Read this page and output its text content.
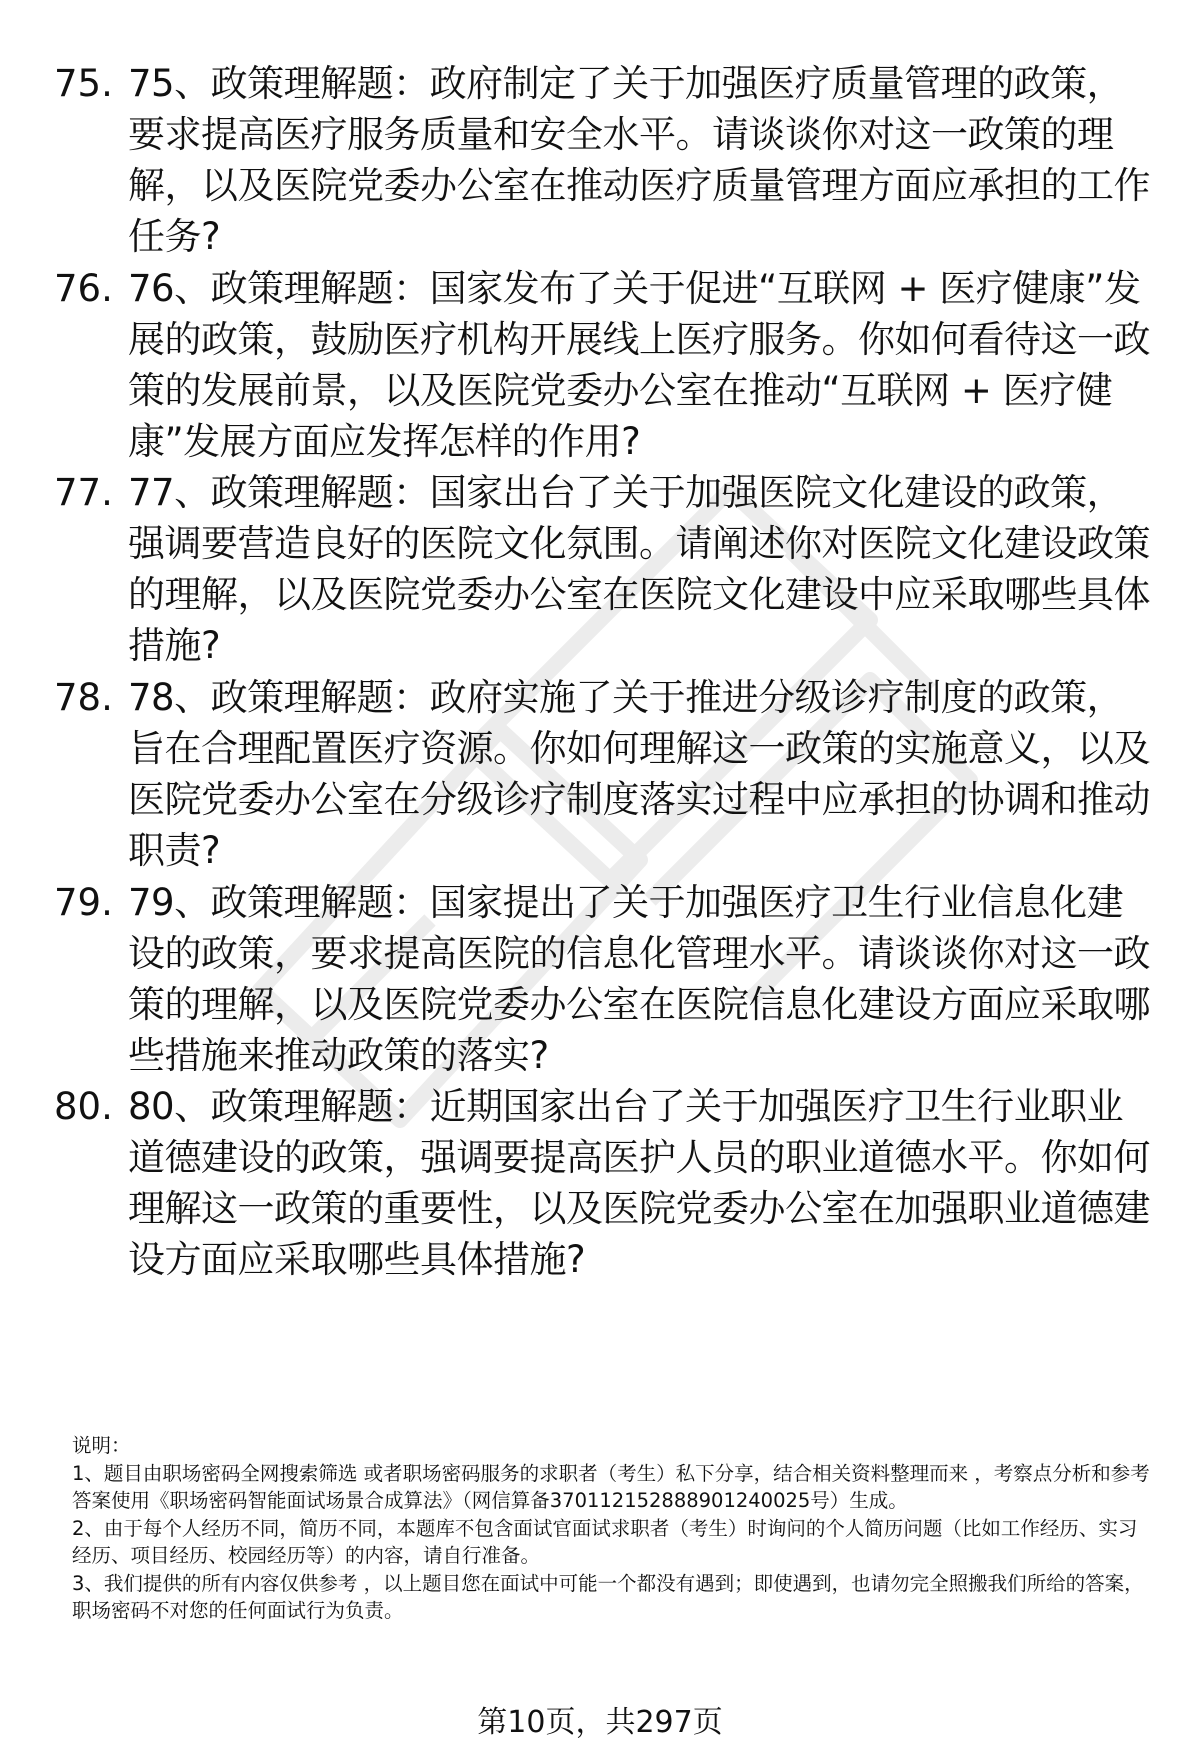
75. 75、政策理解题：政府制定了关于加强医疗质量管理的政策，要求提高医疗服务质量和安全水平。请谈谈你对这一政策的理解，以及医院党委办公室在推动医疗质量管理方面应承担的工作任务?
76. 76、政策理解题：国家发布了关于促进“互联网 + 医疗健康”发展的政策，鼓励医疗机构开展线上医疗服务。你如何看待这一政策的发展前景，以及医院党委办公室在推动“互联网 + 医疗健康”发展方面应发挥怎样的作用?
77. 77、政策理解题：国家出台了关于加强医院文化建设的政策，强调要营造良好的医院文化氛围。请阐述你对医院文化建设政策的理解，以及医院党委办公室在医院文化建设中应采取哪些具体措施?
78. 78、政策理解题：政府实施了关于推进分级诊疗制度的政策，旨在合理配置医疗资源。你如何理解这一政策的实施意义，以及医院党委办公室在分级诊疗制度落实过程中应承担的协调和推动职责?
79. 79、政策理解题：国家提出了关于加强医疗卫生行业信息化建设的政策，要求提高医院的信息化管理水平。请谈谈你对这一政策的理解，以及医院党委办公室在医院信息化建设方面应采取哪些措施来推动政策的落实?
80. 80、政策理解题：近期国家出台了关于加强医疗卫生行业职业道德建设的政策，强调要提高医护人员的职业道德水平。你如何理解这一政策的重要性，以及医院党委办公室在加强职业道德建设方面应采取哪些具体措施?

说明：

1、题目由职场密码全网搜索筛选 或者职场密码服务的求职者（考生）私下分享，结合相关资料整理而来 ，考察点分析和参考答案使用《职场密码智能面试场景合成算法》（网信算备370112152888901240025号）生成。

2、由于每个人经历不同，简历不同，本题库不包含面试官面试求职者（考生）时询问的个人简历问题（比如工作经历、实习经历、项目经历、校园经历等）的内容，请自行准备。

3、我们提供的所有内容仅供参考 ，以上题目您在面试中可能一个都没有遇到；即使遇到，也请勿完全照搬我们所给的答案，职场密码不对您的任何面试行为负责。

第10页，共297页
